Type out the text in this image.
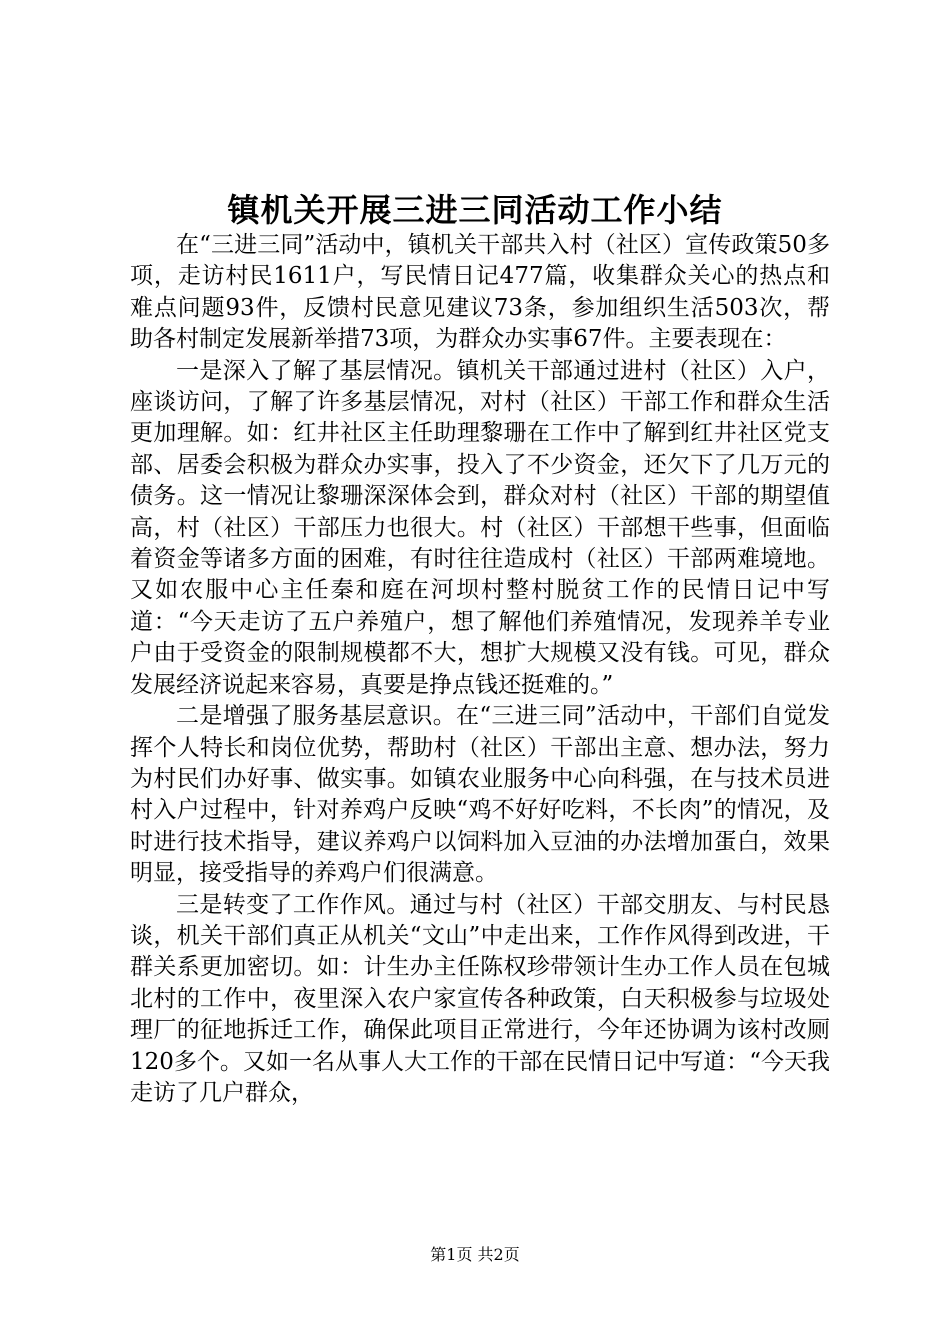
镇机关开展三进三同活动工作小结

在“三进三同”活动中，镇机关干部共入村（社区）宣传政策50多项，走访村民1611户，写民情日记477篇，收集群众关心的热点和难点问题93件，反馈村民意见建议73条，参加组织生活503次，帮助各村制定发展新举措73项，为群众办实事67件。主要表现在：

一是深入了解了基层情况。镇机关干部通过进村（社区）入户，座谈访问，了解了许多基层情况，对村（社区）干部工作和群众生活更加理解。如：红井社区主任助理黎珊在工作中了解到红井社区党支部、居委会积极为群众办实事，投入了不少资金，还欠下了几万元的债务。这一情况让黎珊深深体会到，群众对村（社区）干部的期望值高，村（社区）干部压力也很大。村（社区）干部想干些事，但面临着资金等诸多方面的困难，有时往往造成村（社区）干部两难境地。又如农服中心主任秦和庭在河坝村整村脱贫工作的民情日记中写道：“今天走访了五户养殖户，想了解他们养殖情况，发现养羊专业户由于受资金的限制规模都不大，想扩大规模又没有钱。可见，群众发展经济说起来容易，真要是挣点钱还挺难的。”

二是增强了服务基层意识。在“三进三同”活动中，干部们自觉发挥个人特长和岗位优势，帮助村（社区）干部出主意、想办法，努力为村民们办好事、做实事。如镇农业服务中心向科强，在与技术员进村入户过程中，针对养鸡户反映“鸡不好好吃料，不长肉”的情况，及时进行技术指导，建议养鸡户以饲料加入豆油的办法增加蛋白，效果明显，接受指导的养鸡户们很满意。

三是转变了工作作风。通过与村（社区）干部交朋友、与村民恳谈，机关干部们真正从机关“文山”中走出来，工作作风得到改进，干群关系更加密切。如：计生办主任陈权珍带领计生办工作人员在包城北村的工作中，夜里深入农户家宣传各种政策，白天积极参与垃圾处理厂的征地拆迁工作，确保此项目正常进行，今年还协调为该村改厕120多个。又如一名从事人大工作的干部在民情日记中写道：“今天我走访了几户群众，

第1页 共2页
